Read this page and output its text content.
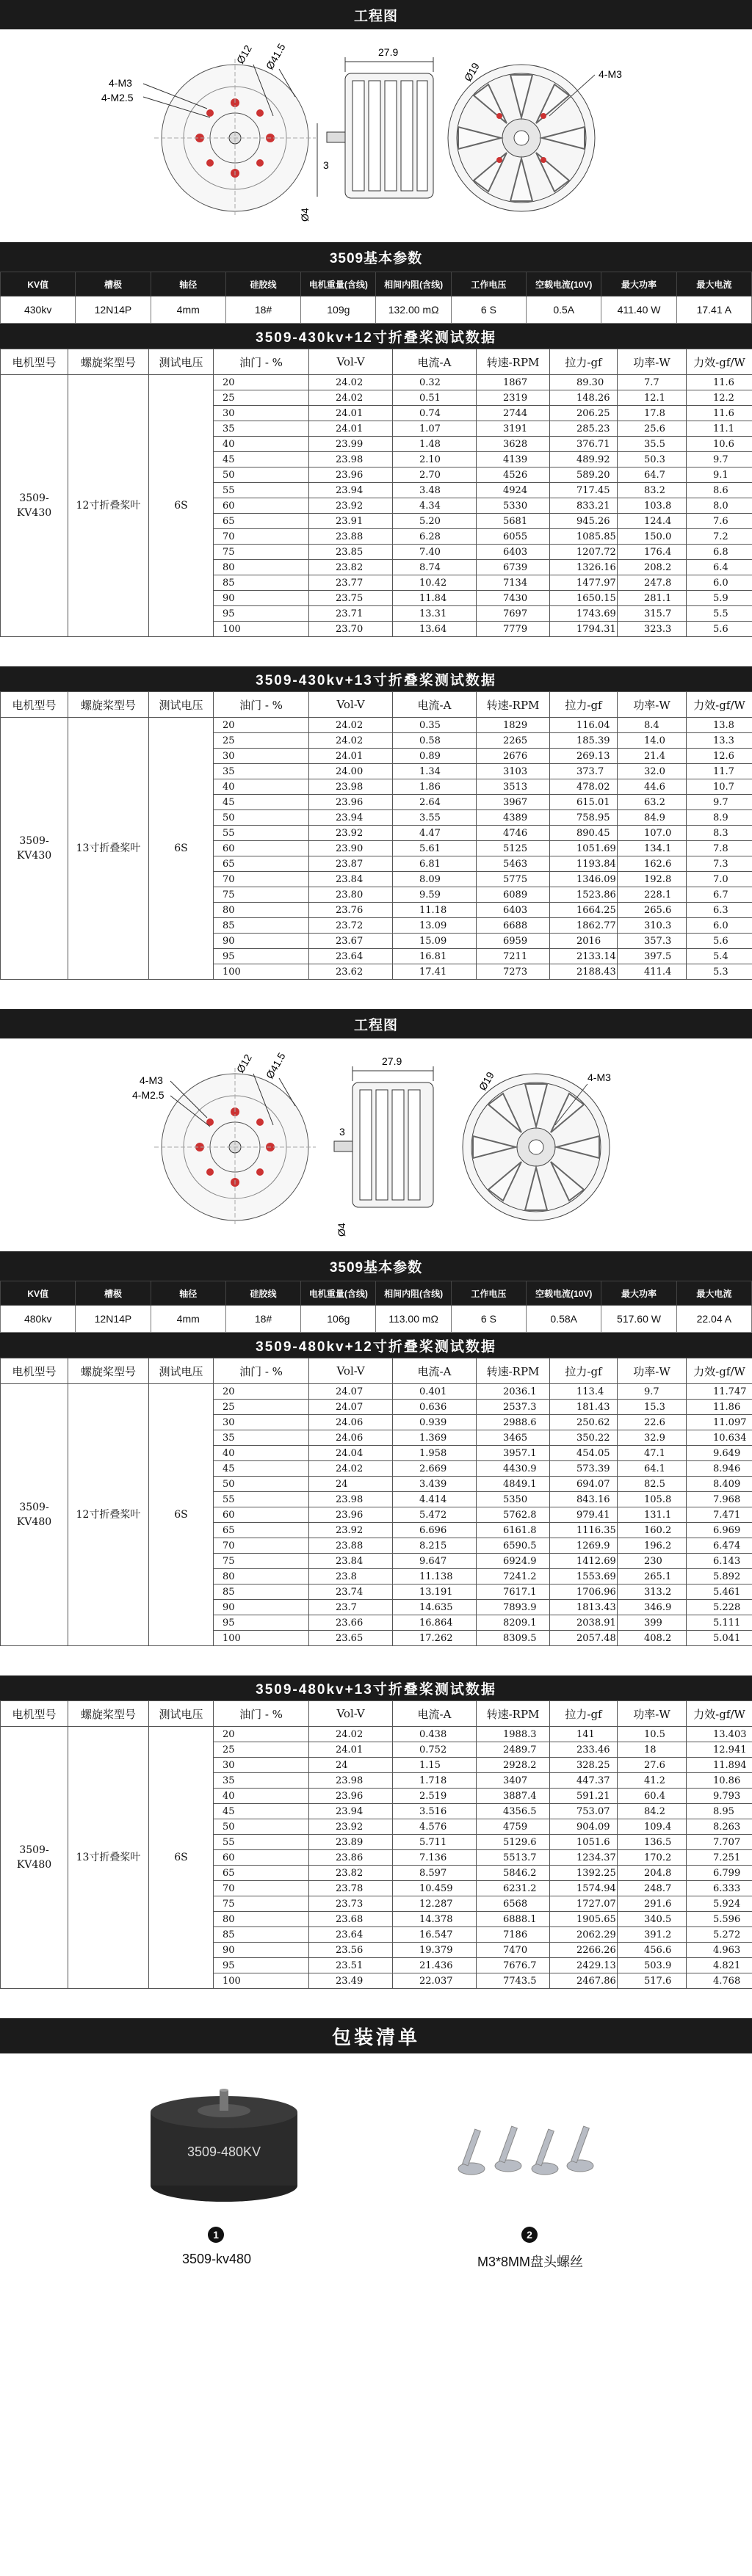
工程图
4-M3
4-M2.5
Ø12 Ø41.5	27.9
3
Ø4
4-M3
Ø19
3509基本参数
KV值	槽极	轴径	硅胶线	电机重量(含线)	相间内阻(含线)	工作电压	空载电流(10V)	最大功率	最大电流
430kv	12N14P	4mm	18#	109g	132.00 mΩ	6 S	0.5A	411.40 W	17.41 A
3509-430kv+12寸折叠桨测试数据
电机型号	螺旋桨型号	测试电压	油门 - %	Vol-V	电流-A	转速-RPM	拉力-gf	功率-W	力效-gf/W
3509-KV430	12寸折叠桨叶	6S	20	24.02	0.32	1867	89.30	7.7	11.6
			25	24.02	0.51	2319	148.26	12.1	12.2
			30	24.01	0.74	2744	206.25	17.8	11.6
			35	24.01	1.07	3191	285.23	25.6	11.1
			40	23.99	1.48	3628	376.71	35.5	10.6
			45	23.98	2.10	4139	489.92	50.3	9.7
			50	23.96	2.70	4526	589.20	64.7	9.1
			55	23.94	3.48	4924	717.45	83.2	8.6
			60	23.92	4.34	5330	833.21	103.8	8.0
			65	23.91	5.20	5681	945.26	124.4	7.6
			70	23.88	6.28	6055	1085.85	150.0	7.2
			75	23.85	7.40	6403	1207.72	176.4	6.8
			80	23.82	8.74	6739	1326.16	208.2	6.4
			85	23.77	10.42	7134	1477.97	247.8	6.0
			90	23.75	11.84	7430	1650.15	281.1	5.9
			95	23.71	13.31	7697	1743.69	315.7	5.5
			100	23.70	13.64	7779	1794.31	323.3	5.6
3509-430kv+13寸折叠桨测试数据
电机型号	螺旋桨型号	测试电压	油门 - %	Vol-V	电流-A	转速-RPM	拉力-gf	功率-W	力效-gf/W
3509-KV430	13寸折叠桨叶	6S	20	24.02	0.35	1829	116.04	8.4	13.8
			25	24.02	0.58	2265	185.39	14.0	13.3
			30	24.01	0.89	2676	269.13	21.4	12.6
			35	24.00	1.34	3103	373.7	32.0	11.7
			40	23.98	1.86	3513	478.02	44.6	10.7
			45	23.96	2.64	3967	615.01	63.2	9.7
			50	23.94	3.55	4389	758.95	84.9	8.9
			55	23.92	4.47	4746	890.45	107.0	8.3
			60	23.90	5.61	5125	1051.69	134.1	7.8
			65	23.87	6.81	5463	1193.84	162.6	7.3
			70	23.84	8.09	5775	1346.09	192.8	7.0
			75	23.80	9.59	6089	1523.86	228.1	6.7
			80	23.76	11.18	6403	1664.25	265.6	6.3
			85	23.72	13.09	6688	1862.77	310.3	6.0
			90	23.67	15.09	6959	2016	357.3	5.6
			95	23.64	16.81	7211	2133.14	397.5	5.4
			100	23.62	17.41	7273	2188.43	411.4	5.3
工程图
4-M3
4-M2.5
Ø12 Ø41.5	27.9
3
Ø4
4-M3
Ø19
3509基本参数
KV值	槽极	轴径	硅胶线	电机重量(含线)	相间内阻(含线)	工作电压	空载电流(10V)	最大功率	最大电流
480kv	12N14P	4mm	18#	106g	113.00 mΩ	6 S	0.58A	517.60 W	22.04 A
3509-480kv+12寸折叠桨测试数据
电机型号	螺旋桨型号	测试电压	油门 - %	Vol-V	电流-A	转速-RPM	拉力-gf	功率-W	力效-gf/W
3509-KV480	12寸折叠桨叶	6S	20	24.07	0.401	2036.1	113.4	9.7	11.747
			25	24.07	0.636	2537.3	181.43	15.3	11.86
			30	24.06	0.939	2988.6	250.62	22.6	11.097
			35	24.06	1.369	3465	350.22	32.9	10.634
			40	24.04	1.958	3957.1	454.05	47.1	9.649
			45	24.02	2.669	4430.9	573.39	64.1	8.946
			50	24	3.439	4849.1	694.07	82.5	8.409
			55	23.98	4.414	5350	843.16	105.8	7.968
			60	23.96	5.472	5762.8	979.41	131.1	7.471
			65	23.92	6.696	6161.8	1116.35	160.2	6.969
			70	23.88	8.215	6590.5	1269.9	196.2	6.474
			75	23.84	9.647	6924.9	1412.69	230	6.143
			80	23.8	11.138	7241.2	1553.69	265.1	5.892
			85	23.74	13.191	7617.1	1706.96	313.2	5.461
			90	23.7	14.635	7893.9	1813.43	346.9	5.228
			95	23.66	16.864	8209.1	2038.91	399	5.111
			100	23.65	17.262	8309.5	2057.48	408.2	5.041
3509-480kv+13寸折叠桨测试数据
电机型号	螺旋桨型号	测试电压	油门 - %	Vol-V	电流-A	转速-RPM	拉力-gf	功率-W	力效-gf/W
3509-KV480	13寸折叠桨叶	6S	20	24.02	0.438	1988.3	141	10.5	13.403
			25	24.01	0.752	2489.7	233.46	18	12.941
			30	24	1.15	2928.2	328.25	27.6	11.894
			35	23.98	1.718	3407	447.37	41.2	10.86
			40	23.96	2.519	3887.4	591.21	60.4	9.793
			45	23.94	3.516	4356.5	753.07	84.2	8.95
			50	23.92	4.576	4759	904.09	109.4	8.263
			55	23.89	5.711	5129.6	1051.6	136.5	7.707
			60	23.86	7.136	5513.7	1234.37	170.2	7.251
			65	23.82	8.597	5846.2	1392.25	204.8	6.799
			70	23.78	10.459	6231.2	1574.94	248.7	6.333
			75	23.73	12.287	6568	1727.07	291.6	5.924
			80	23.68	14.378	6888.1	1905.65	340.5	5.596
			85	23.64	16.547	7186	2062.29	391.2	5.272
			90	23.56	19.379	7470	2266.26	456.6	4.963
			95	23.51	21.436	7676.7	2429.13	503.9	4.821
			100	23.49	22.037	7743.5	2467.86	517.6	4.768
包装清单
3509-480KV
1
3509-kv480
2
M3*8MM盘头螺丝
